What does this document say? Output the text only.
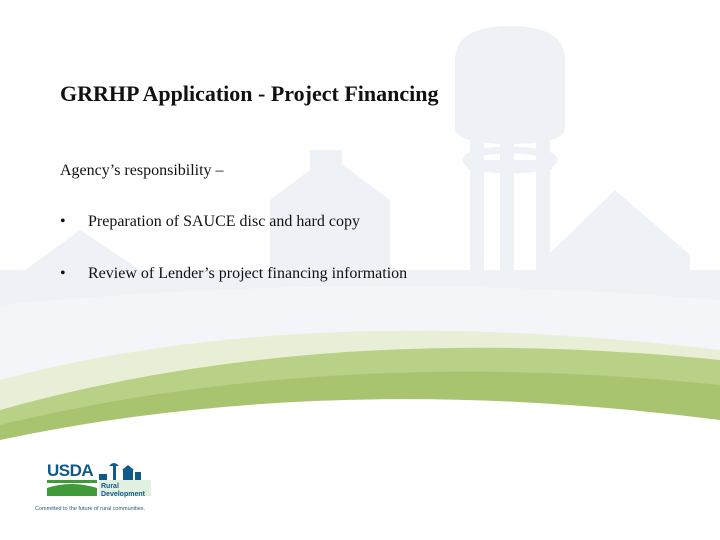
GRRHP Application - Project Financing
Agency’s responsibility –
• Preparation of SAUCE disc and hard copy
• Review of Lender’s project financing information
USDA
Rural
Development
Committed to the future of rural communities.
